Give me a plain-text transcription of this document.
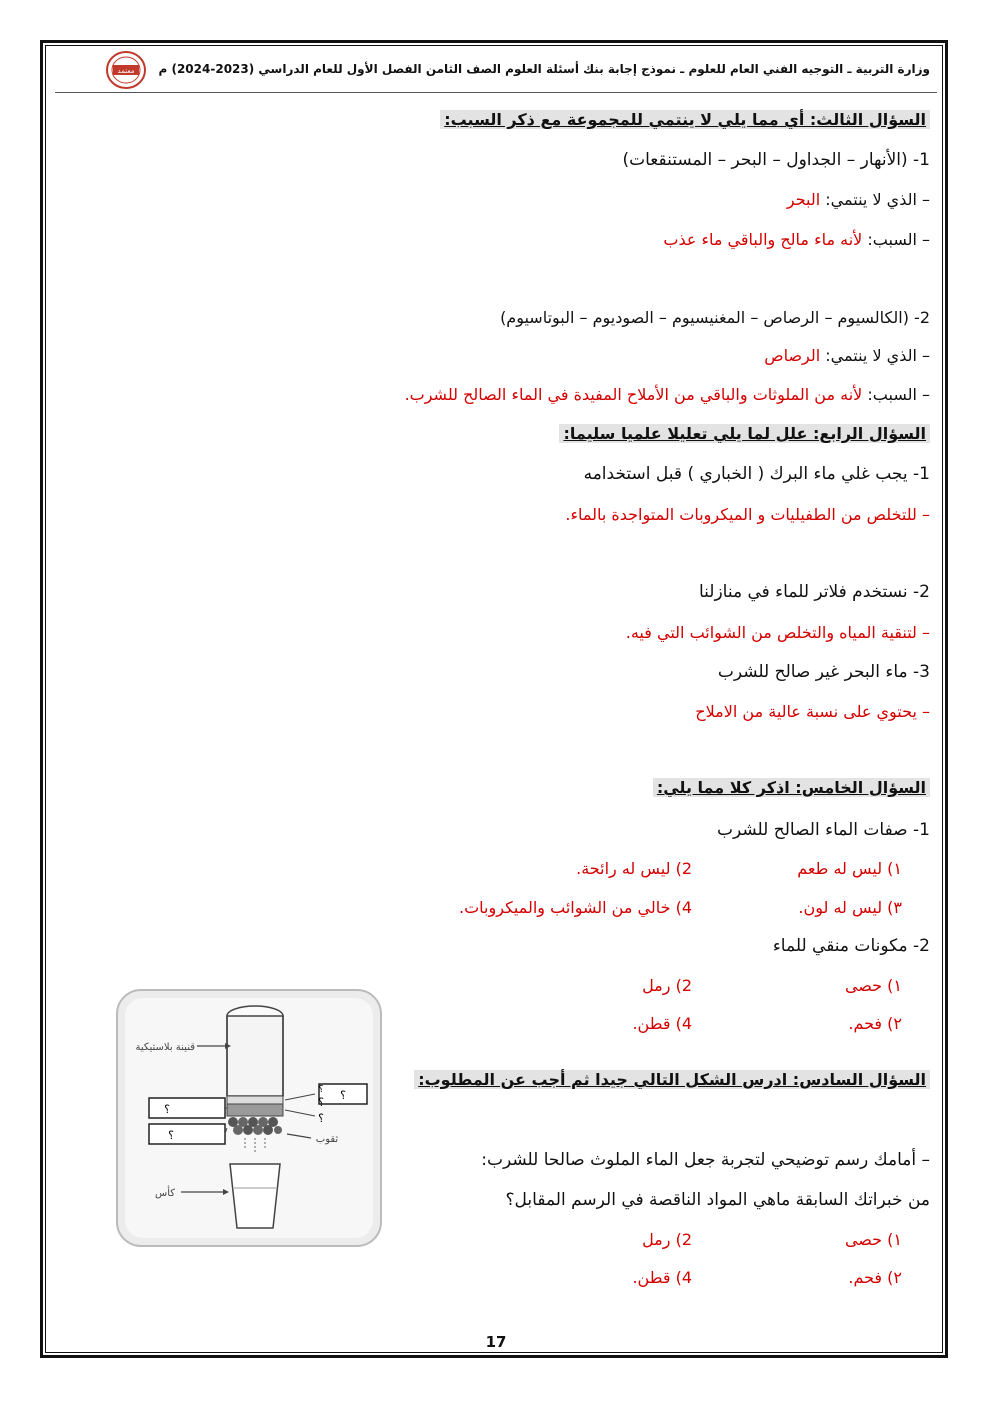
معتمد	وزارة التربية ـ التوجيه الفني العام للعلوم ـ نموذج إجابة بنك أسئلة العلوم الصف الثامن الفصل الأول للعام الدراسي (2023-2024) م
السؤال الثالث: أي مما يلي لا ينتمي للمجموعة مع ذكر السبب:
1- (الأنهار – الجداول – البحر – المستنقعات)
– الذي لا ينتمي: البحر
– السبب: لأنه ماء مالح والباقي ماء عذب
2- (الكالسيوم – الرصاص – المغنيسيوم – الصوديوم – البوتاسيوم)
– الذي لا ينتمي: الرصاص
– السبب: لأنه من الملوثات والباقي من الأملاح المفيدة في الماء الصالح للشرب.
السؤال الرابع: علل لما يلي تعليلا علميا سليما:
1- يجب غلي ماء البرك ( الخباري ) قبل استخدامه
– للتخلص من الطفيليات و الميكروبات المتواجدة بالماء.
2- نستخدم فلاتر للماء في منازلنا
– لتنقية المياه والتخلص من الشوائب التي فيه.
3- ماء البحر غير صالح للشرب
– يحتوي على نسبة عالية من الاملاح
السؤال الخامس: اذكر كلا مما يلي:
1- صفات الماء الصالح للشرب
١) ليس له طعم
2) ليس له رائحة.
٣) ليس له لون.
4) خالي من الشوائب والميكروبات.
2- مكونات منقي للماء
١) حصى
2) رمل
٢) فحم.
4) قطن.
السؤال السادس: ادرس الشكل التالي جيدا ثم أجب عن المطلوب:
– أمامك رسم توضيحي لتجربة جعل الماء الملوث صالحا للشرب:
من خبراتك السابقة ماهي المواد الناقصة في الرسم المقابل؟
١) حصى
2) رمل
٢) فحم.
4) قطن.
قنينة بلاستيكية
ثقوب
كأس
؟
؟
؟
؟
؟
؟
17
